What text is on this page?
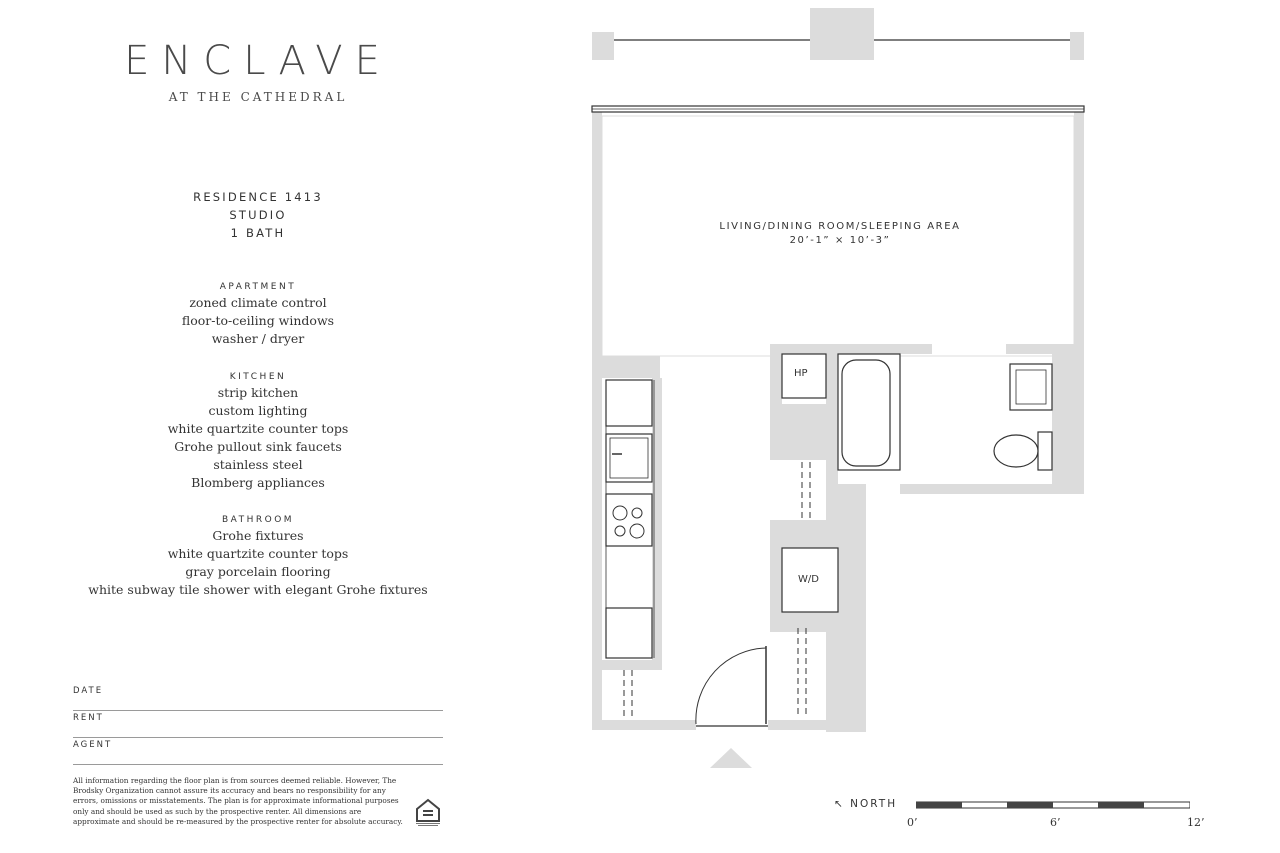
ENCLAVE
AT THE CATHEDRAL
RESIDENCE 1413
STUDIO
1 BATH
APARTMENT
zoned climate control
floor-to-ceiling windows
washer / dryer
KITCHEN
strip kitchen
custom lighting
white quartzite counter tops
Grohe pullout sink faucets
stainless steel
Blomberg appliances
BATHROOM
Grohe fixtures
white quartzite counter tops
gray porcelain flooring
white subway tile shower with elegant Grohe fixtures
DATE
RENT
AGENT
All information regarding the floor plan is from sources deemed reliable. However, The Brodsky Organization cannot assure its accuracy and bears no responsibility for any errors, omissions or misstatements. The plan is for approximate informational purposes only and should be used as such by the prospective renter. All dimensions are approximate and should be re-measured by the prospective renter for absolute accuracy.
LIVING/DINING ROOM/SLEEPING AREA
20’-1” × 10’-3”
HP
W/D
↖ NORTH
0’	6’	12’
